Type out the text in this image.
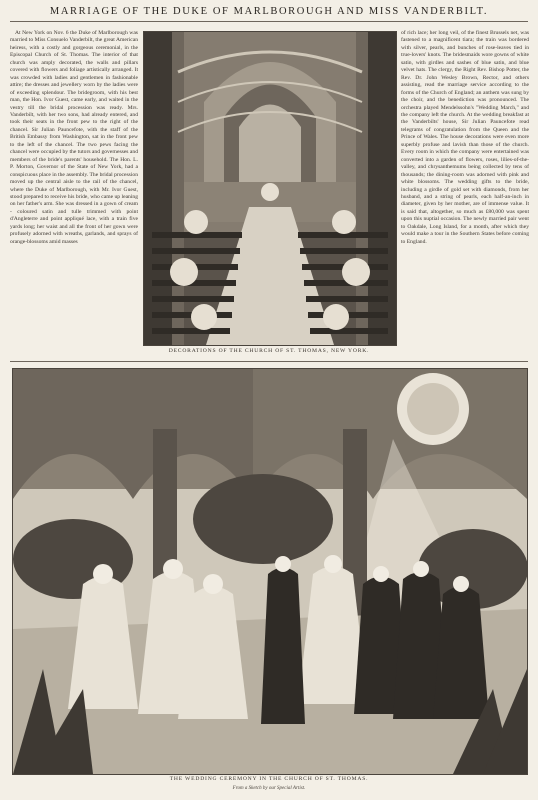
MARRIAGE OF THE DUKE OF MARLBOROUGH AND MISS VANDERBILT.

At New York on Nov. 6 the Duke of Marlborough was married to Miss Consuelo Vanderbilt, the great American heiress, with a costly and gorgeous ceremonial, in the Episcopal Church of St. Thomas. The interior of that church was amply decorated, the walls and pillars covered with flowers and foliage artistically arranged. It was crowded with ladies and gentlemen in fashionable attire; the dresses and jewellery worn by the ladies were of exceeding splendour. The bridegroom, with his best man, the Hon. Ivor Guest, came early, and waited in the vestry till the bridal procession was ready. Mrs. Vanderbilt, with her two sons, had already entered, and took their seats in the front pew to the right of the chancel. Sir Julian Pauncefote, with the staff of the British Embassy from Washington, sat in the front pew to the left of the chancel. The two pews facing the chancel were occupied by the tutors and governesses and members of the bride's parents' household. The Hon. L. P. Morton, Governor of the State of New York, had a conspicuous place in the assembly. The bridal procession moved up the central aisle to the rail of the chancel, where the Duke of Marlborough, with Mr. Ivor Guest, stood prepared to receive his bride, who came up leaning on her father's arm. She was dressed in a gown of cream - coloured satin and tulle trimmed with point d'Angleterre and point appliqué lace, with a train five yards long; her waist and all the front of her gown were profusely adorned with wreaths, garlands, and sprays of orange-blossoms amid masses

of rich lace; her long veil, of the finest Brussels net, was fastened to a magnificent tiara; the train was bordered with silver, pearls, and bunches of rose-leaves tied in true-lovers' knots. The bridesmaids wore gowns of white satin, with girdles and sashes of blue satin, and blue velvet hats. The clergy, the Right Rev. Bishop Potter, the Rev. Dr. John Wesley Brown, Rector, and others assisting, read the marriage service according to the forms of the Church of England; an anthem was sung by the choir, and the benediction was pronounced. The orchestra played Mendelssohn's "Wedding March," and the company left the church. At the wedding breakfast at the Vanderbilts' house, Sir Julian Pauncefote read telegrams of congratulation from the Queen and the Prince of Wales. The house decorations were even more superbly profuse and lavish than those of the church. Every room in which the company were entertained was converted into a garden of flowers, roses, lilies-of-the-valley, and chrysanthemums being collected by tens of thousands; the dining-room was adorned with pink and white blossoms. The wedding gifts to the bride, including a girdle of gold set with diamonds, from her husband, and a string of pearls, each half-an-inch in diameter, given by her mother, are of immense value. It is said that, altogether, so much as £80,000 was spent upon this nuptial occasion. The newly married pair went to Oakdale, Long Island, for a month, after which they would make a tour in the Southern States before coming to England.

DECORATIONS OF THE CHURCH OF ST. THOMAS, NEW YORK.
THE WEDDING CEREMONY IN THE CHURCH OF ST. THOMAS.
From a Sketch by our Special Artist.
